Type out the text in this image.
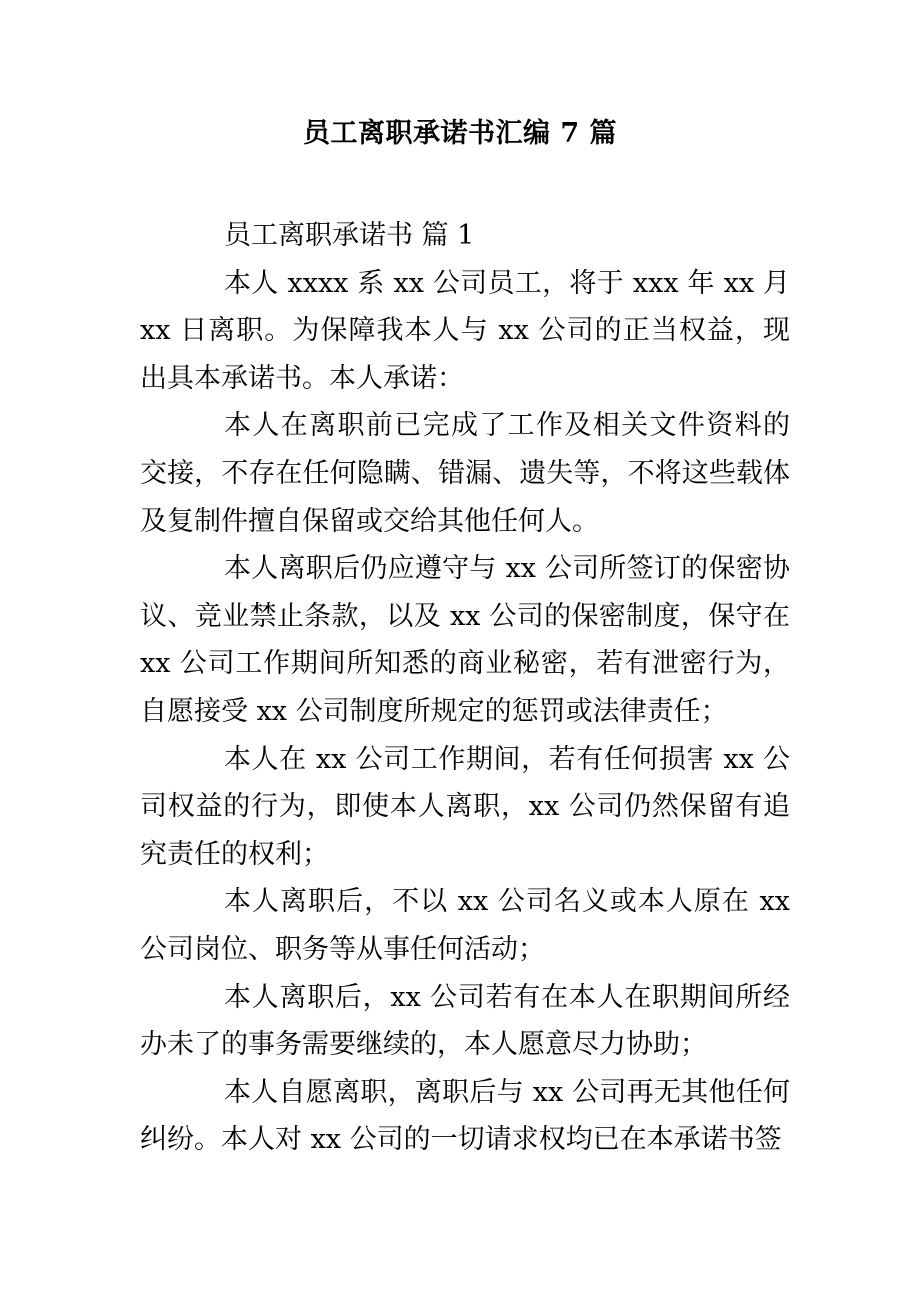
员工离职承诺书汇编 7 篇

员工离职承诺书 篇 1

本人 xxxx 系 xx 公司员工，将于 xxx 年 xx 月 xx 日离职。为保障我本人与 xx 公司的正当权益，现出具本承诺书。本人承诺：

本人在离职前已完成了工作及相关文件资料的交接，不存在任何隐瞒、错漏、遗失等，不将这些载体及复制件擅自保留或交给其他任何人。

本人离职后仍应遵守与 xx 公司所签订的保密协议、竞业禁止条款，以及 xx 公司的保密制度，保守在 xx 公司工作期间所知悉的商业秘密，若有泄密行为，自愿接受 xx 公司制度所规定的惩罚或法律责任；

本人在 xx 公司工作期间，若有任何损害 xx 公司权益的行为，即使本人离职，xx 公司仍然保留有追究责任的权利；

本人离职后，不以 xx 公司名义或本人原在 xx 公司岗位、职务等从事任何活动；

本人离职后，xx 公司若有在本人在职期间所经办未了的事务需要继续的，本人愿意尽力协助；

本人自愿离职，离职后与 xx 公司再无其他任何纠纷。本人对 xx 公司的一切请求权均已在本承诺书签
